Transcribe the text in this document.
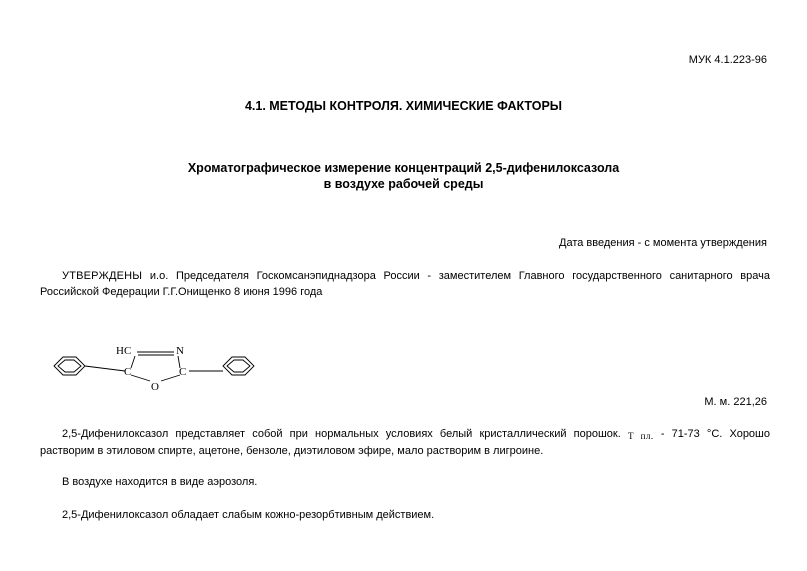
МУК 4.1.223-96
4.1. МЕТОДЫ КОНТРОЛЯ. ХИМИЧЕСКИЕ ФАКТОРЫ
Хроматографическое измерение концентраций 2,5-дифенилоксазола
в воздухе рабочей среды
Дата введения - с момента утверждения
УТВЕРЖДЕНЫ и.о. Председателя Госкомсанэпиднадзора России - заместителем Главного государственного санитарного врача Российской Федерации Г.Г.Онищенко 8 июня 1996 года
HC	N
C	C
O
М. м. 221,26
2,5-Дифенилоксазол представляет собой при нормальных условиях белый кристаллический порошок. T пл. - 71-73 °С. Хорошо растворим в этиловом спирте, ацетоне, бензоле, диэтиловом эфире, мало растворим в лигроине.
В воздухе находится в виде аэрозоля.
2,5-Дифенилоксазол обладает слабым кожно-резорбтивным действием.
